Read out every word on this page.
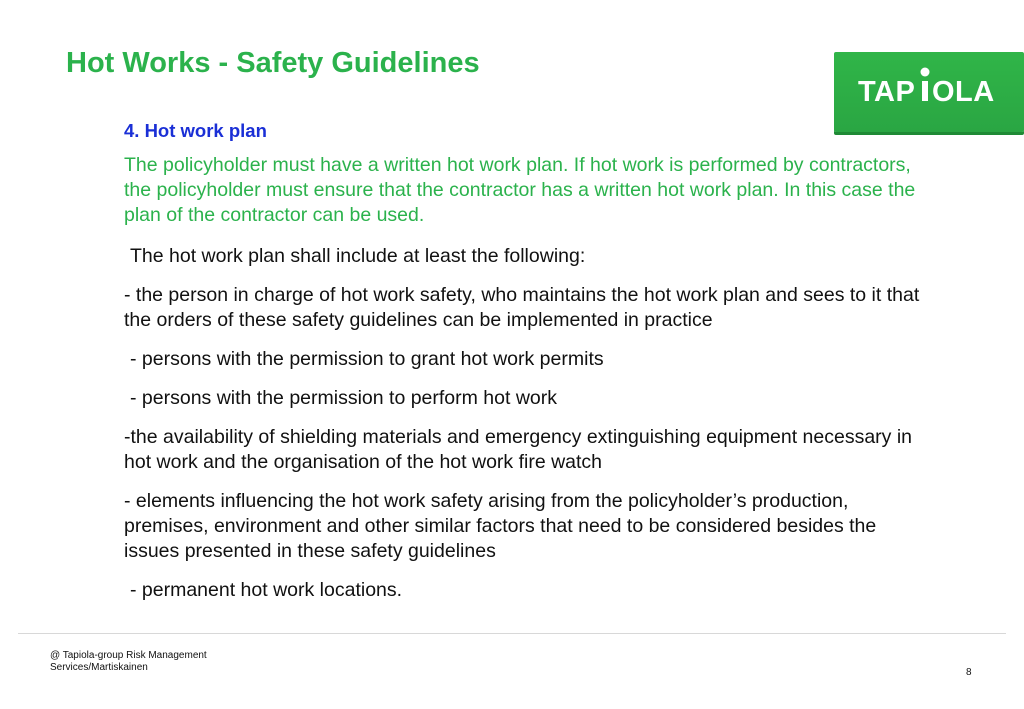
Hot Works - Safety Guidelines
TAP OLA

4. Hot work plan

The policyholder must have a written hot work plan. If hot work is performed by contractors, the policyholder must ensure that the contractor has a written hot work plan. In this case the plan of the contractor can be used.

The hot work plan shall include at least the following:

- the person in charge of hot work safety, who maintains the hot work plan and sees to it that the orders of these safety guidelines can be implemented in practice

- persons with the permission to grant hot work permits

- persons with the permission to perform hot work

-the availability of shielding materials and emergency extinguishing equipment necessary in hot work and the organisation of the hot work fire watch

- elements influencing the hot work safety arising from the policyholder’s production, premises, environment and other similar factors that need to be considered besides the issues presented in these safety guidelines

- permanent hot work locations.

@ Tapiola-group Risk Management
Services/Martiskainen	8
